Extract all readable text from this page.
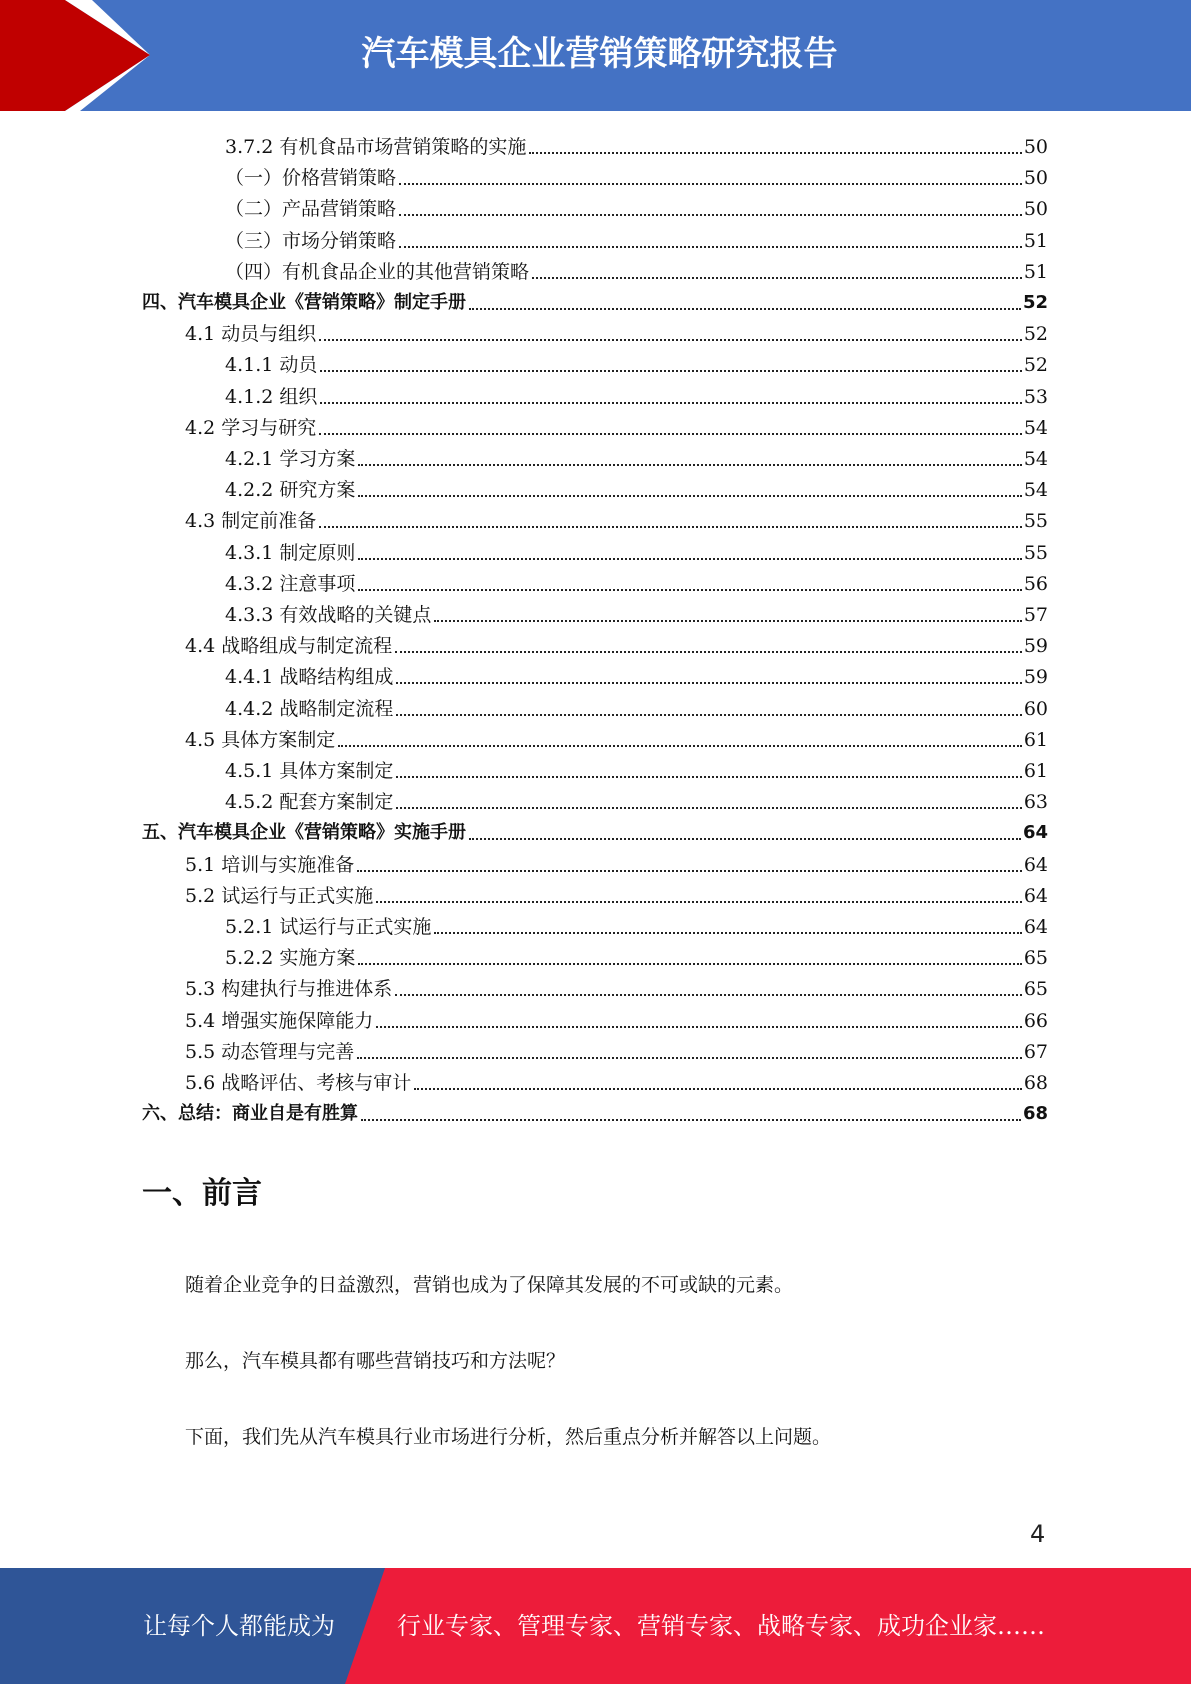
汽车模具企业营销策略研究报告
3.7.2 有机食品市场营销策略的实施	50
（一）价格营销策略	50
（二）产品营销策略	50
（三）市场分销策略	51
（四）有机食品企业的其他营销策略	51
四、汽车模具企业《营销策略》制定手册	52
4.1 动员与组织	52
4.1.1 动员	52
4.1.2 组织	53
4.2 学习与研究	54
4.2.1 学习方案	54
4.2.2 研究方案	54
4.3 制定前准备	55
4.3.1 制定原则	55
4.3.2 注意事项	56
4.3.3 有效战略的关键点	57
4.4 战略组成与制定流程	59
4.4.1 战略结构组成	59
4.4.2 战略制定流程	60
4.5 具体方案制定	61
4.5.1 具体方案制定	61
4.5.2 配套方案制定	63
五、汽车模具企业《营销策略》实施手册	64
5.1 培训与实施准备	64
5.2 试运行与正式实施	64
5.2.1 试运行与正式实施	64
5.2.2 实施方案	65
5.3 构建执行与推进体系	65
5.4 增强实施保障能力	66
5.5 动态管理与完善	67
5.6 战略评估、考核与审计	68
六、总结：商业自是有胜算	68
一、前言
随着企业竞争的日益激烈，营销也成为了保障其发展的不可或缺的元素。
那么，汽车模具都有哪些营销技巧和方法呢？
下面，我们先从汽车模具行业市场进行分析，然后重点分析并解答以上问题。
4
让每个人都能成为	行业专家、管理专家、营销专家、战略专家、成功企业家……
